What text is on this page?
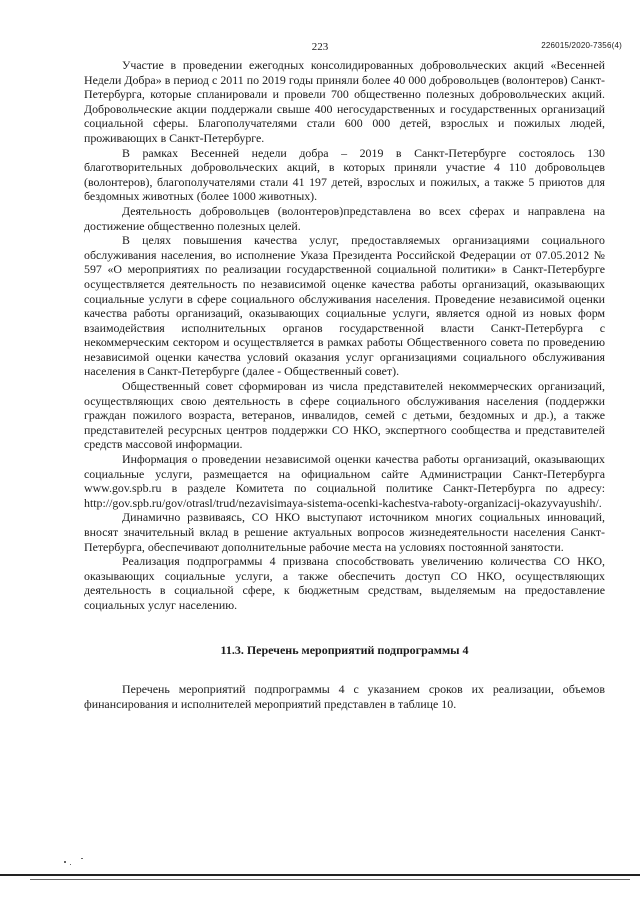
223	226015/2020-7356(4)

Участие в проведении ежегодных консолидированных добровольческих акций «Весенней Недели Добра» в период с 2011 по 2019 годы приняли более 40 000 добровольцев (волонтеров) Санкт-Петербурга, которые спланировали и провели 700 общественно полезных добровольческих акций. Добровольческие акции поддержали свыше 400 негосударственных и государственных организаций социальной сферы. Благополучателями стали 600 000 детей, взрослых и пожилых людей, проживающих в Санкт-Петербурге.

В рамках Весенней недели добра – 2019 в Санкт-Петербурге состоялось 130 благотворительных добровольческих акций, в которых приняли участие 4 110 добровольцев (волонтеров), благополучателями стали 41 197 детей, взрослых и пожилых, а также 5 приютов для бездомных животных (более 1000 животных).

Деятельность добровольцев (волонтеров)представлена во всех сферах и направлена на достижение общественно полезных целей.

В целях повышения качества услуг, предоставляемых организациями социального обслуживания населения, во исполнение Указа Президента Российской Федерации от 07.05.2012 № 597 «О мероприятиях по реализации государственной социальной политики» в Санкт-Петербурге осуществляется деятельность по независимой оценке качества работы организаций, оказывающих социальные услуги в сфере социального обслуживания населения. Проведение независимой оценки качества работы организаций, оказывающих социальные услуги, является одной из новых форм взаимодействия исполнительных органов государственной власти Санкт-Петербурга с некоммерческим сектором и осуществляется в рамках работы Общественного совета по проведению независимой оценки качества условий оказания услуг организациями социального обслуживания населения в Санкт-Петербурге (далее - Общественный совет).

Общественный совет сформирован из числа представителей некоммерческих организаций, осуществляющих свою деятельность в сфере социального обслуживания населения (поддержки граждан пожилого возраста, ветеранов, инвалидов, семей с детьми, бездомных и др.), а также представителей ресурсных центров поддержки СО НКО, экспертного сообщества и представителей средств массовой информации.

Информация о проведении независимой оценки качества работы организаций, оказывающих социальные услуги, размещается на официальном сайте Администрации Санкт-Петербурга www.gov.spb.ru в разделе Комитета по социальной политике Санкт-Петербурга по адресу: http://gov.spb.ru/gov/otrasl/trud/nezavisimaya-sistema-ocenki-kachestva-raboty-organizacij-okazyvayushih/.

Динамично развиваясь, СО НКО выступают источником многих социальных инноваций, вносят значительный вклад в решение актуальных вопросов жизнедеятельности населения Санкт-Петербурга, обеспечивают дополнительные рабочие места на условиях постоянной занятости.

Реализация подпрограммы 4 призвана способствовать увеличению количества СО НКО, оказывающих социальные услуги, а также обеспечить доступ СО НКО, осуществляющих деятельность в социальной сфере, к бюджетным средствам, выделяемым на предоставление социальных услуг населению.

11.3. Перечень мероприятий подпрограммы 4

Перечень мероприятий подпрограммы 4 с указанием сроков их реализации, объемов финансирования и исполнителей мероприятий представлен в таблице 10.
